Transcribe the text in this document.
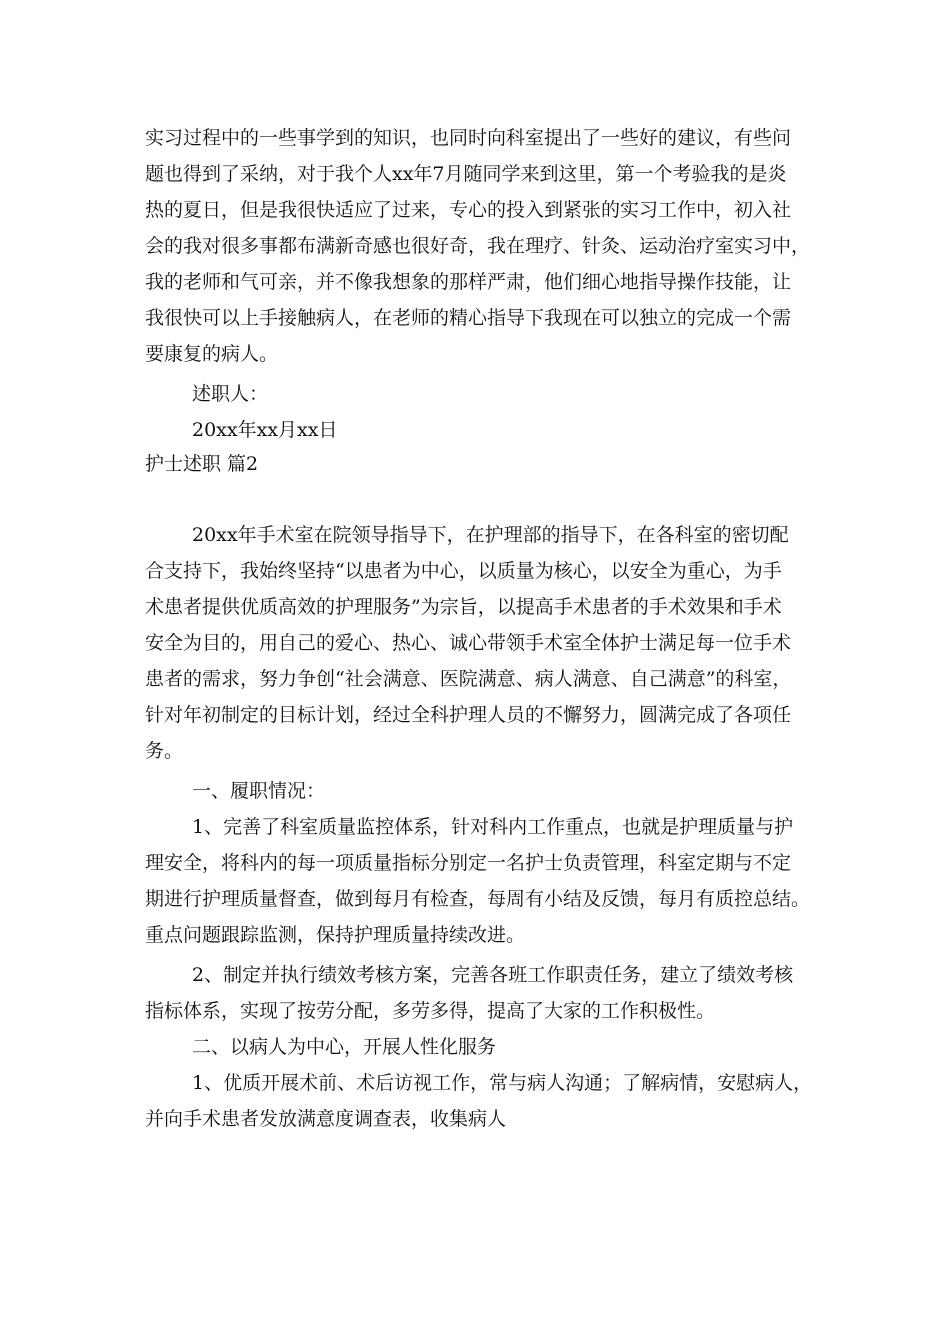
实习过程中的一些事学到的知识，也同时向科室提出了一些好的建议，有些问
题也得到了采纳，对于我个人xx年7月随同学来到这里，第一个考验我的是炎
热的夏日，但是我很快适应了过来，专心的投入到紧张的实习工作中，初入社
会的我对很多事都布满新奇感也很好奇，我在理疗、针灸、运动治疗室实习中，
我的老师和气可亲，并不像我想象的那样严肃，他们细心地指导操作技能，让
我很快可以上手接触病人，在老师的精心指导下我现在可以独立的完成一个需
要康复的病人。
述职人：
20xx年xx月xx日
护士述职 篇2
20xx年手术室在院领导指导下，在护理部的指导下，在各科室的密切配
合支持下，我始终坚持“以患者为中心，以质量为核心，以安全为重心，为手
术患者提供优质高效的护理服务”为宗旨，以提高手术患者的手术效果和手术
安全为目的，用自己的爱心、热心、诚心带领手术室全体护士满足每一位手术
患者的需求，努力争创“社会满意、医院满意、病人满意、自己满意”的科室，
针对年初制定的目标计划，经过全科护理人员的不懈努力，圆满完成了各项任
务。
一、履职情况：
1、完善了科室质量监控体系，针对科内工作重点，也就是护理质量与护
理安全，将科内的每一项质量指标分别定一名护士负责管理，科室定期与不定
期进行护理质量督查，做到每月有检查，每周有小结及反馈，每月有质控总结。
重点问题跟踪监测，保持护理质量持续改进。
2、制定并执行绩效考核方案，完善各班工作职责任务，建立了绩效考核
指标体系，实现了按劳分配，多劳多得，提高了大家的工作积极性。
二、以病人为中心，开展人性化服务
1、优质开展术前、术后访视工作，常与病人沟通；了解病情，安慰病人，
并向手术患者发放满意度调查表，收集病人
